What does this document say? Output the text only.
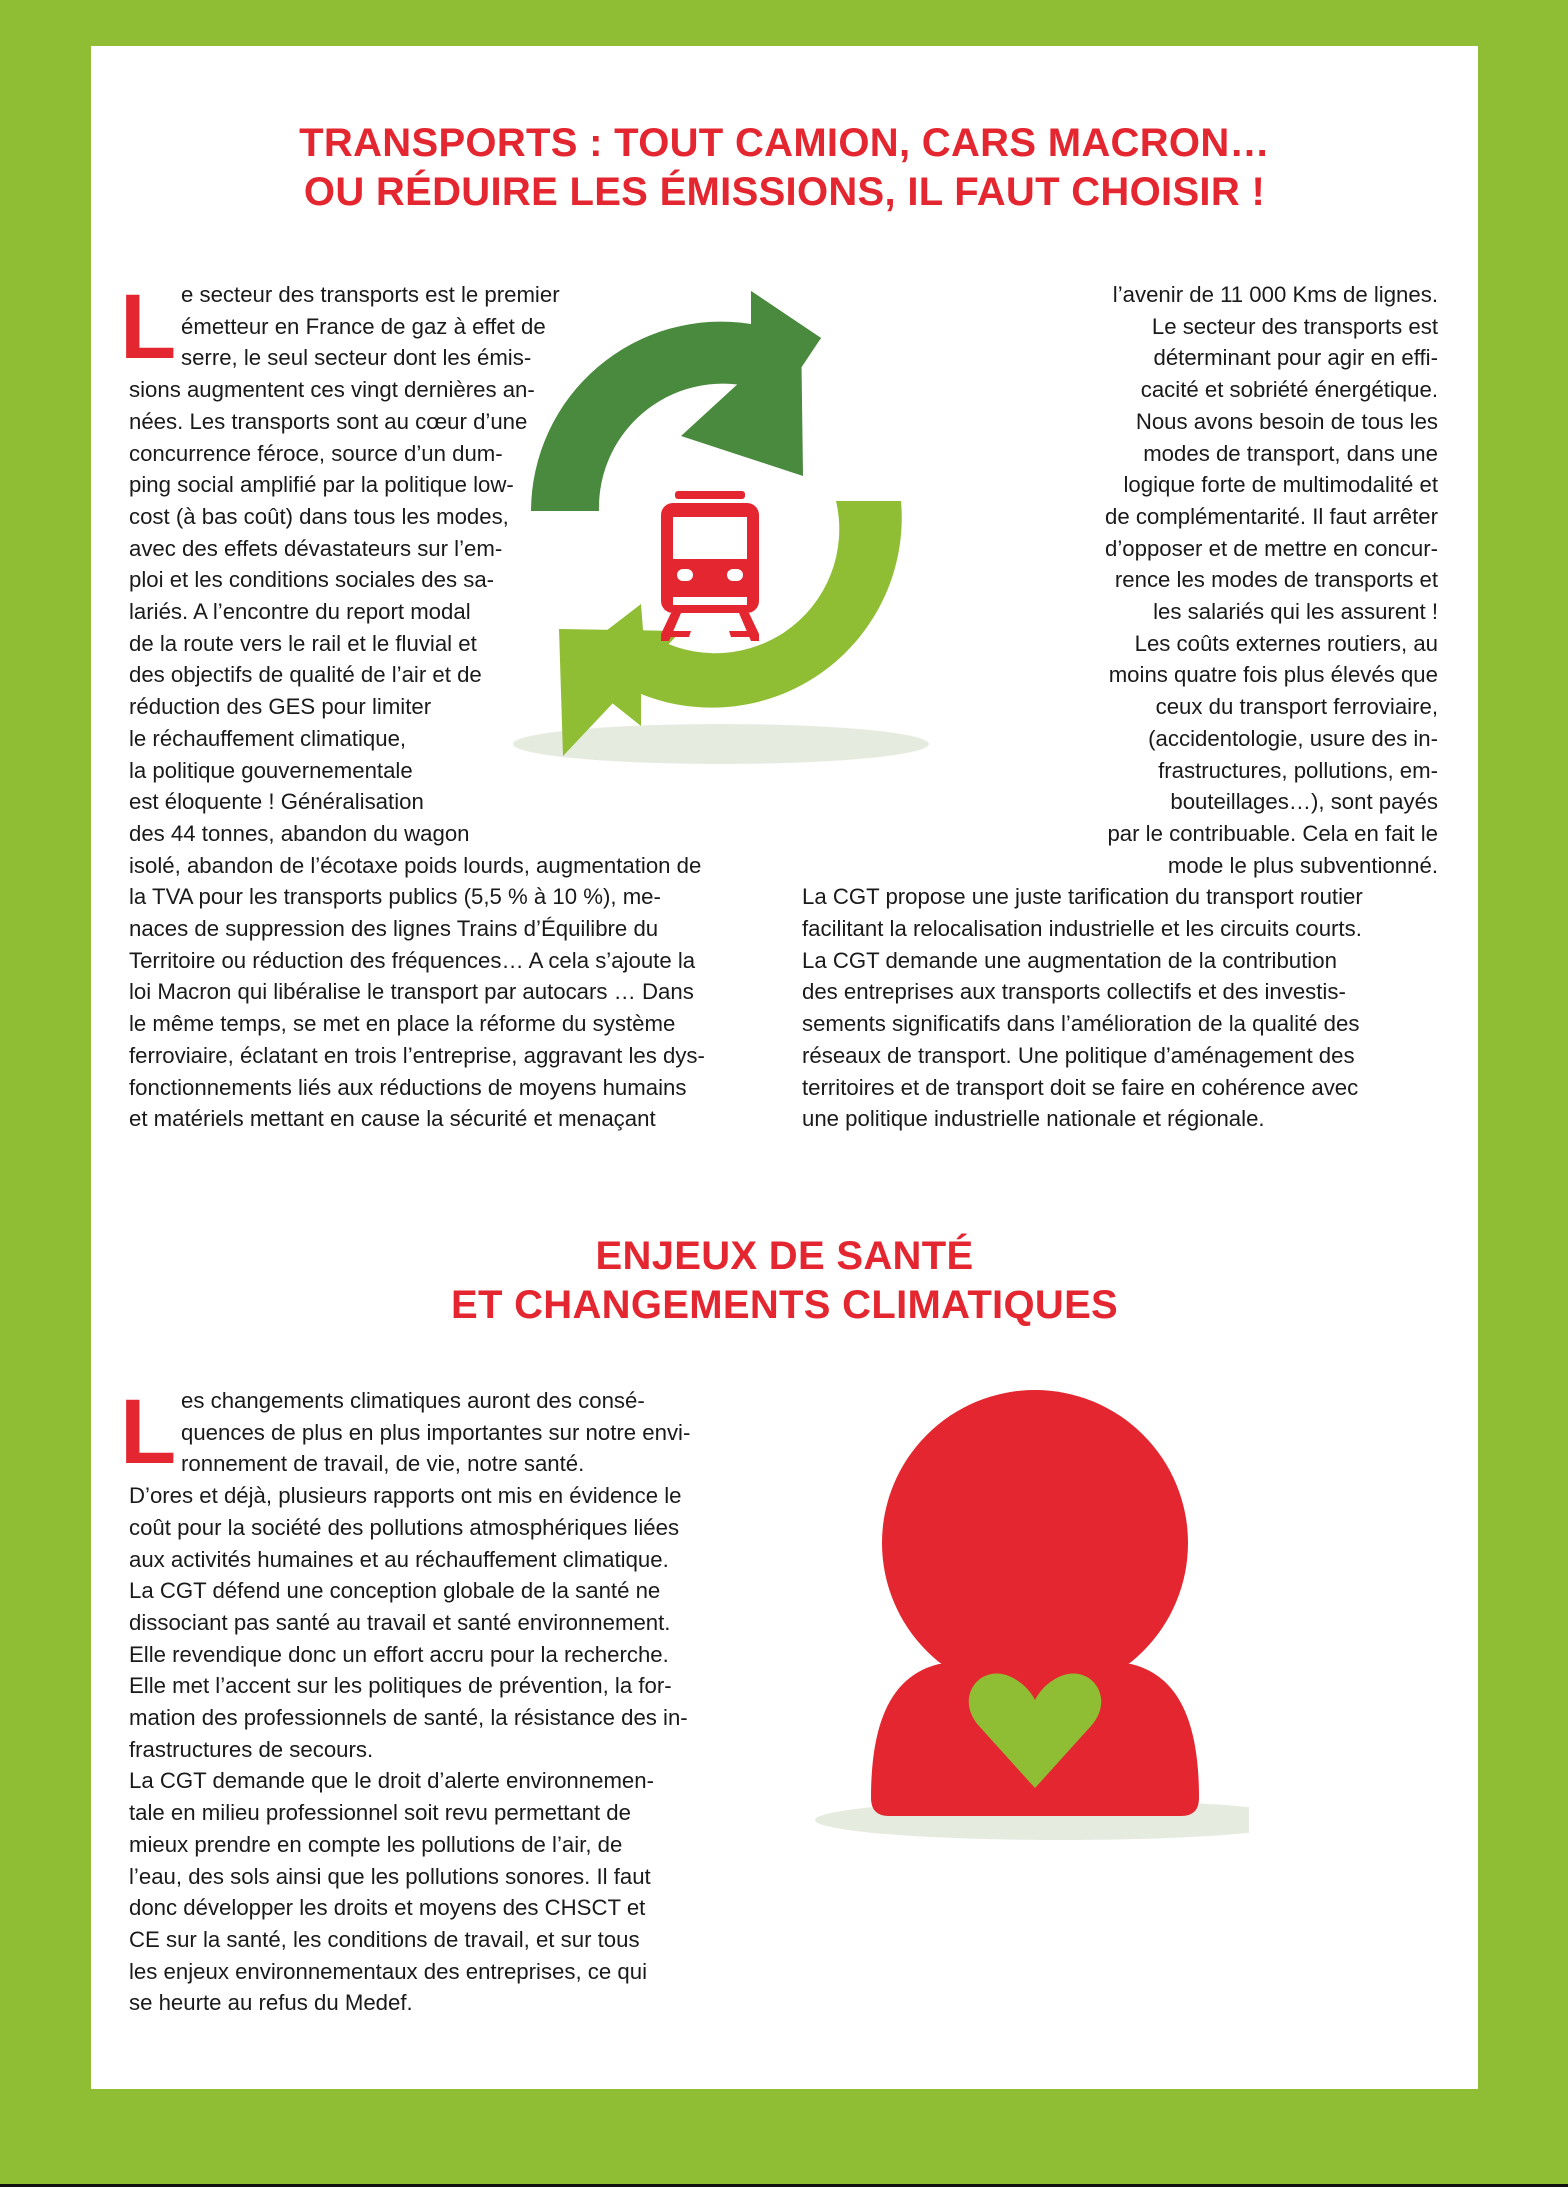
TRANSPORTS : TOUT CAMION, CARS MACRON…
OU RÉDUIRE LES ÉMISSIONS, IL FAUT CHOISIR !
L e secteur des transports est le premier
émetteur en France de gaz à effet de
serre, le seul secteur dont les émis-
sions augmentent ces vingt dernières an-
nées. Les transports sont au cœur d’une
concurrence féroce, source d’un dum-
ping social amplifié par la politique low-
cost (à bas coût) dans tous les modes,
avec des effets dévastateurs sur l’em-
ploi et les conditions sociales des sa-
lariés. A l’encontre du report modal
de la route vers le rail et le fluvial et
des objectifs de qualité de l’air et de
réduction des GES pour limiter
le réchauffement climatique,
la politique gouvernementale
est éloquente ! Généralisation
des 44 tonnes, abandon du wagon
isolé, abandon de l’écotaxe poids lourds, augmentation de
la TVA pour les transports publics (5,5 % à 10 %), me-
naces de suppression des lignes Trains d’Équilibre du
Territoire ou réduction des fréquences… A cela s’ajoute la
loi Macron qui libéralise le transport par autocars … Dans
le même temps, se met en place la réforme du système
ferroviaire, éclatant en trois l’entreprise, aggravant les dys-
fonctionnements liés aux réductions de moyens humains
et matériels mettant en cause la sécurité et menaçant
l’avenir de 11 000 Kms de lignes.
Le secteur des transports est
déterminant pour agir en effi-
cacité et sobriété énergétique.
Nous avons besoin de tous les
modes de transport, dans une
logique forte de multimodalité et
de complémentarité. Il faut arrêter
d’opposer et de mettre en concur-
rence les modes de transports et
les salariés qui les assurent !
Les coûts externes routiers, au
moins quatre fois plus élevés que
ceux du transport ferroviaire,
(accidentologie, usure des in-
frastructures, pollutions, em-
bouteillages…), sont payés
par le contribuable. Cela en fait le
mode le plus subventionné.
La CGT propose une juste tarification du transport routier
facilitant la relocalisation industrielle et les circuits courts.
La CGT demande une augmentation de la contribution
des entreprises aux transports collectifs et des investis-
sements significatifs dans l’amélioration de la qualité des
réseaux de transport. Une politique d’aménagement des
territoires et de transport doit se faire en cohérence avec
une politique industrielle nationale et régionale.
ENJEUX DE SANTÉ
ET CHANGEMENTS CLIMATIQUES
L es changements climatiques auront des consé-
quences de plus en plus importantes sur notre envi-
ronnement de travail, de vie, notre santé.
D’ores et déjà, plusieurs rapports ont mis en évidence le
coût pour la société des pollutions atmosphériques liées
aux activités humaines et au réchauffement climatique.
La CGT défend une conception globale de la santé ne
dissociant pas santé au travail et santé environnement.
Elle revendique donc un effort accru pour la recherche.
Elle met l’accent sur les politiques de prévention, la for-
mation des professionnels de santé, la résistance des in-
frastructures de secours.
La CGT demande que le droit d’alerte environnemen-
tale en milieu professionnel soit revu permettant de
mieux prendre en compte les pollutions de l’air, de
l’eau, des sols ainsi que les pollutions sonores. Il faut
donc développer les droits et moyens des CHSCT et
CE sur la santé, les conditions de travail, et sur tous
les enjeux environnementaux des entreprises, ce qui
se heurte au refus du Medef.
